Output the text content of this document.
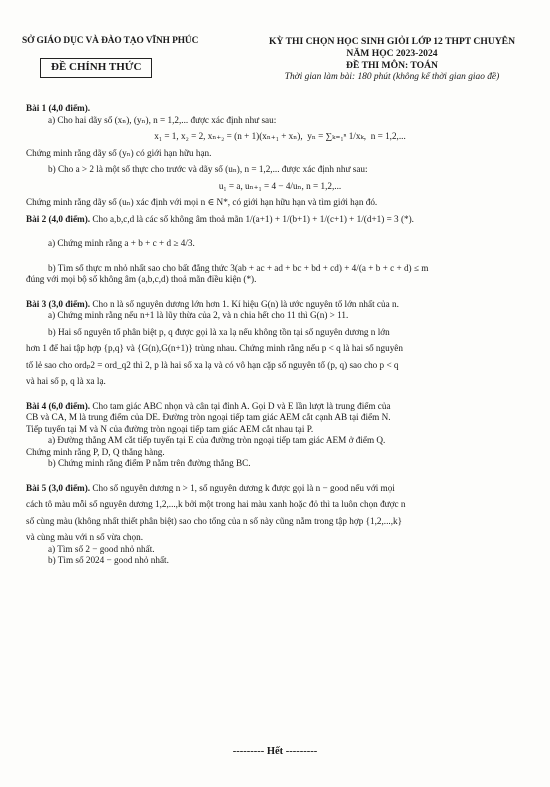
SỞ GIÁO DỤC VÀ ĐÀO TẠO VĨNH PHÚC
ĐỀ CHÍNH THỨC
KỲ THI CHỌN HỌC SINH GIỎI LỚP 12 THPT CHUYÊN
NĂM HỌC 2023-2024
ĐỀ THI MÔN: TOÁN
Thời gian làm bài: 180 phút (không kể thời gian giao đề)

Bài 1 (4,0 điểm).

a) Cho hai dãy số (xₙ), (yₙ), n = 1,2,... được xác định như sau:

x₁ = 1, x₂ = 2, xₙ₊₂ = (n + 1)(xₙ₊₁ + xₙ), yₙ = ∑ₖ₌₁ⁿ 1/xₖ, n = 1,2,...

Chứng minh rằng dãy số (yₙ) có giới hạn hữu hạn.

b) Cho a > 2 là một số thực cho trước và dãy số (uₙ), n = 1,2,... được xác định như sau:

u₁ = a, uₙ₊₁ = 4 − 4/uₙ, n = 1,2,...

Chứng minh rằng dãy số (uₙ) xác định với mọi n ∈ N*, có giới hạn hữu hạn và tìm giới hạn đó.

Bài 2 (4,0 điểm). Cho a,b,c,d là các số không âm thoả mãn 1/(a+1) + 1/(b+1) + 1/(c+1) + 1/(d+1) = 3 (*).

a) Chứng minh rằng a + b + c + d ≥ 4/3.

b) Tìm số thực m nhỏ nhất sao cho bất đẳng thức 3(ab + ac + ad + bc + bd + cd) + 4/(a + b + c + d) ≤ m

đúng với mọi bộ số không âm (a,b,c,d) thoả mãn điều kiện (*).

Bài 3 (3,0 điểm). Cho n là số nguyên dương lớn hơn 1. Kí hiệu G(n) là ước nguyên tố lớn nhất của n.

a) Chứng minh rằng nếu n+1 là lũy thừa của 2, và n chia hết cho 11 thì G(n) > 11.

b) Hai số nguyên tố phân biệt p, q được gọi là xa lạ nếu không tồn tại số nguyên dương n lớn

hơn 1 để hai tập hợp {p,q} và {G(n),G(n+1)} trùng nhau. Chứng minh rằng nếu p < q là hai số nguyên

tố lẻ sao cho ordₚ2 = ord_q2 thì 2, p là hai số xa lạ và có vô hạn cặp số nguyên tố (p, q) sao cho p < q

và hai số p, q là xa lạ.

Bài 4 (6,0 điểm). Cho tam giác ABC nhọn và cân tại đỉnh A. Gọi D và E lần lượt là trung điểm của

CB và CA, M là trung điểm của DE. Đường tròn ngoại tiếp tam giác AEM cắt cạnh AB tại điểm N.

Tiếp tuyến tại M và N của đường tròn ngoại tiếp tam giác AEM cắt nhau tại P.

a) Đường thẳng AM cắt tiếp tuyến tại E của đường tròn ngoại tiếp tam giác AEM ở điểm Q.

Chứng minh rằng P, D, Q thẳng hàng.

b) Chứng minh rằng điểm P nằm trên đường thẳng BC.

Bài 5 (3,0 điểm). Cho số nguyên dương n > 1, số nguyên dương k được gọi là n − good nếu với mọi

cách tô màu mỗi số nguyên dương 1,2,...,k bởi một trong hai màu xanh hoặc đỏ thì ta luôn chọn được n

số cùng màu (không nhất thiết phân biệt) sao cho tổng của n số này cũng nằm trong tập hợp {1,2,...,k}

và cùng màu với n số vừa chọn.

a) Tìm số 2 − good nhỏ nhất.

b) Tìm số 2024 − good nhỏ nhất.

--------- Hết ---------
